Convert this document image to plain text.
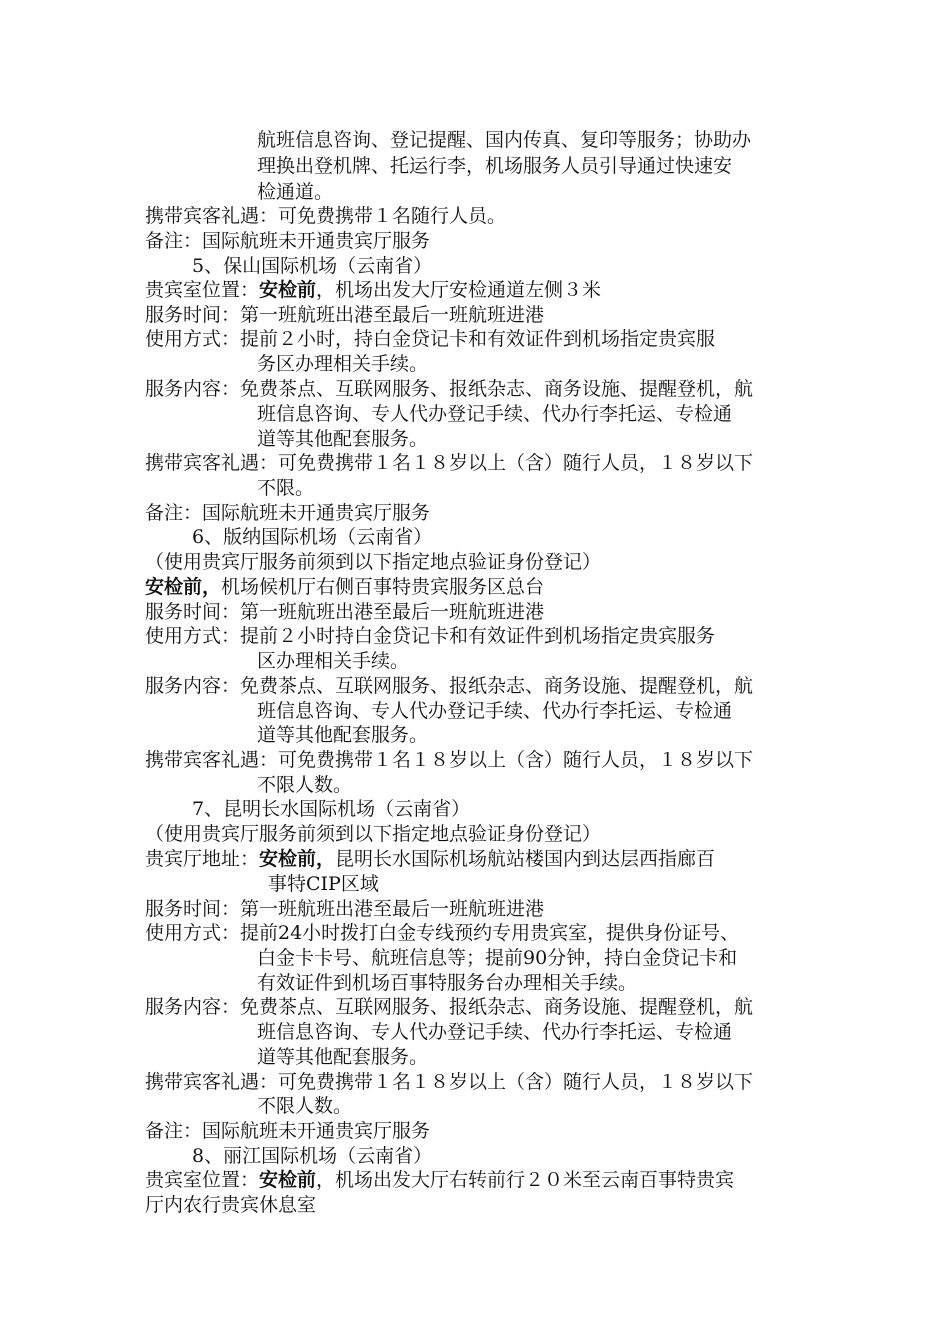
航班信息咨询、登记提醒、国内传真、复印等服务；协助办
理换出登机牌、托运行李，机场服务人员引导通过快速安
检通道。
携带宾客礼遇：可免费携带１名随行人员。
备注：国际航班未开通贵宾厅服务
5、保山国际机场（云南省）
贵宾室位置：安检前，机场出发大厅安检通道左侧３米
服务时间：第一班航班出港至最后一班航班进港
使用方式：提前２小时，持白金贷记卡和有效证件到机场指定贵宾服
务区办理相关手续。
服务内容：免费茶点、互联网服务、报纸杂志、商务设施、提醒登机，航
班信息咨询、专人代办登记手续、代办行李托运、专检通
道等其他配套服务。
携带宾客礼遇：可免费携带１名１８岁以上（含）随行人员，１８岁以下
不限。
备注：国际航班未开通贵宾厅服务
6、版纳国际机场（云南省）
（使用贵宾厅服务前须到以下指定地点验证身份登记）
安检前，机场候机厅右侧百事特贵宾服务区总台
服务时间：第一班航班出港至最后一班航班进港
使用方式：提前２小时持白金贷记卡和有效证件到机场指定贵宾服务
区办理相关手续。
服务内容：免费茶点、互联网服务、报纸杂志、商务设施、提醒登机，航
班信息咨询、专人代办登记手续、代办行李托运、专检通
道等其他配套服务。
携带宾客礼遇：可免费携带１名１８岁以上（含）随行人员，１８岁以下
不限人数。
7、昆明长水国际机场（云南省）
（使用贵宾厅服务前须到以下指定地点验证身份登记）
贵宾厅地址：安检前，昆明长水国际机场航站楼国内到达层西指廊百
事特CIP区域
服务时间：第一班航班出港至最后一班航班进港
使用方式：提前24小时拨打白金专线预约专用贵宾室，提供身份证号、
白金卡卡号、航班信息等；提前90分钟，持白金贷记卡和
有效证件到机场百事特服务台办理相关手续。
服务内容：免费茶点、互联网服务、报纸杂志、商务设施、提醒登机，航
班信息咨询、专人代办登记手续、代办行李托运、专检通
道等其他配套服务。
携带宾客礼遇：可免费携带１名１８岁以上（含）随行人员，１８岁以下
不限人数。
备注：国际航班未开通贵宾厅服务
8、丽江国际机场（云南省）
贵宾室位置：安检前，机场出发大厅右转前行２０米至云南百事特贵宾
厅内农行贵宾休息室
